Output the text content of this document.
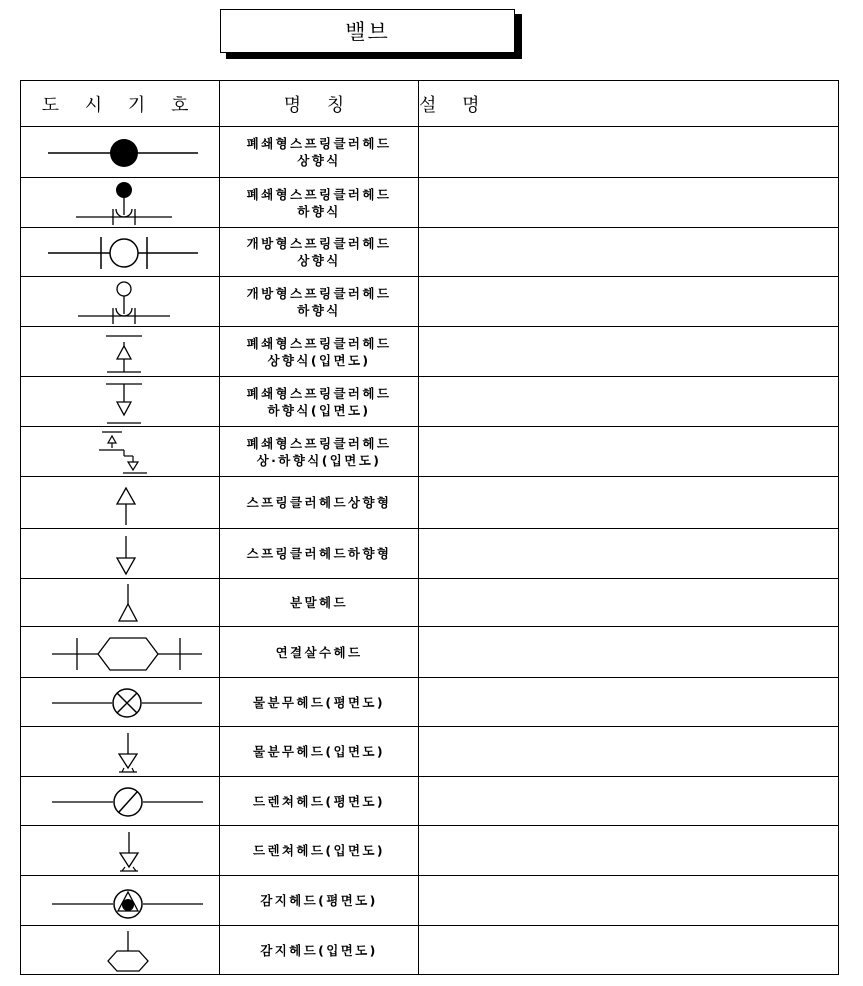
밸브
도 시 기 호	명 칭	설 명

폐쇄형스프링클러헤드
상향식	

폐쇄형스프링클러헤드
하향식	

개방형스프링클러헤드
상향식	

개방형스프링클러헤드
하향식	

폐쇄형스프링클러헤드
상향식(입면도)	

폐쇄형스프링클러헤드
하향식(입면도)	

폐쇄형스프링클러헤드
상·하향식(입면도)	

스프링클러헤드상향형	

스프링클러헤드하향형	

분말헤드	

연결살수헤드	

물분무헤드(평면도)	

물분무헤드(입면도)	

드렌쳐헤드(평면도)	

드렌쳐헤드(입면도)	

감지헤드(평면도)	

감지헤드(입면도)	
